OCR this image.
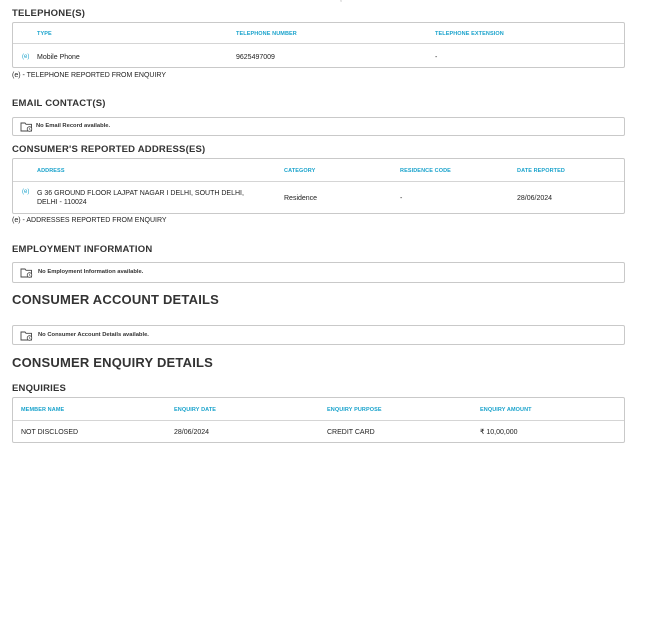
TELEPHONE(S)
TYPE	TELEPHONE NUMBER	TELEPHONE EXTENSION
(e) Mobile Phone	9625497009	-
(e) - TELEPHONE REPORTED FROM ENQUIRY
EMAIL CONTACT(S)
No Email Record available.
CONSUMER'S REPORTED ADDRESS(ES)
ADDRESS	CATEGORY	RESIDENCE CODE	DATE REPORTED
(e) G 36 GROUND FLOOR LAJPAT NAGAR I DELHI, SOUTH DELHI,
DELHI - 110024
Residence	-	28/06/2024
(e) - ADDRESSES REPORTED FROM ENQUIRY
EMPLOYMENT INFORMATION
No Employment Information available.
CONSUMER ACCOUNT DETAILS
No Consumer Account Details available.
CONSUMER ENQUIRY DETAILS
ENQUIRIES
MEMBER NAME	ENQUIRY DATE	ENQUIRY PURPOSE	ENQUIRY AMOUNT
NOT DISCLOSED	28/06/2024	CREDIT CARD	₹ 10,00,000
